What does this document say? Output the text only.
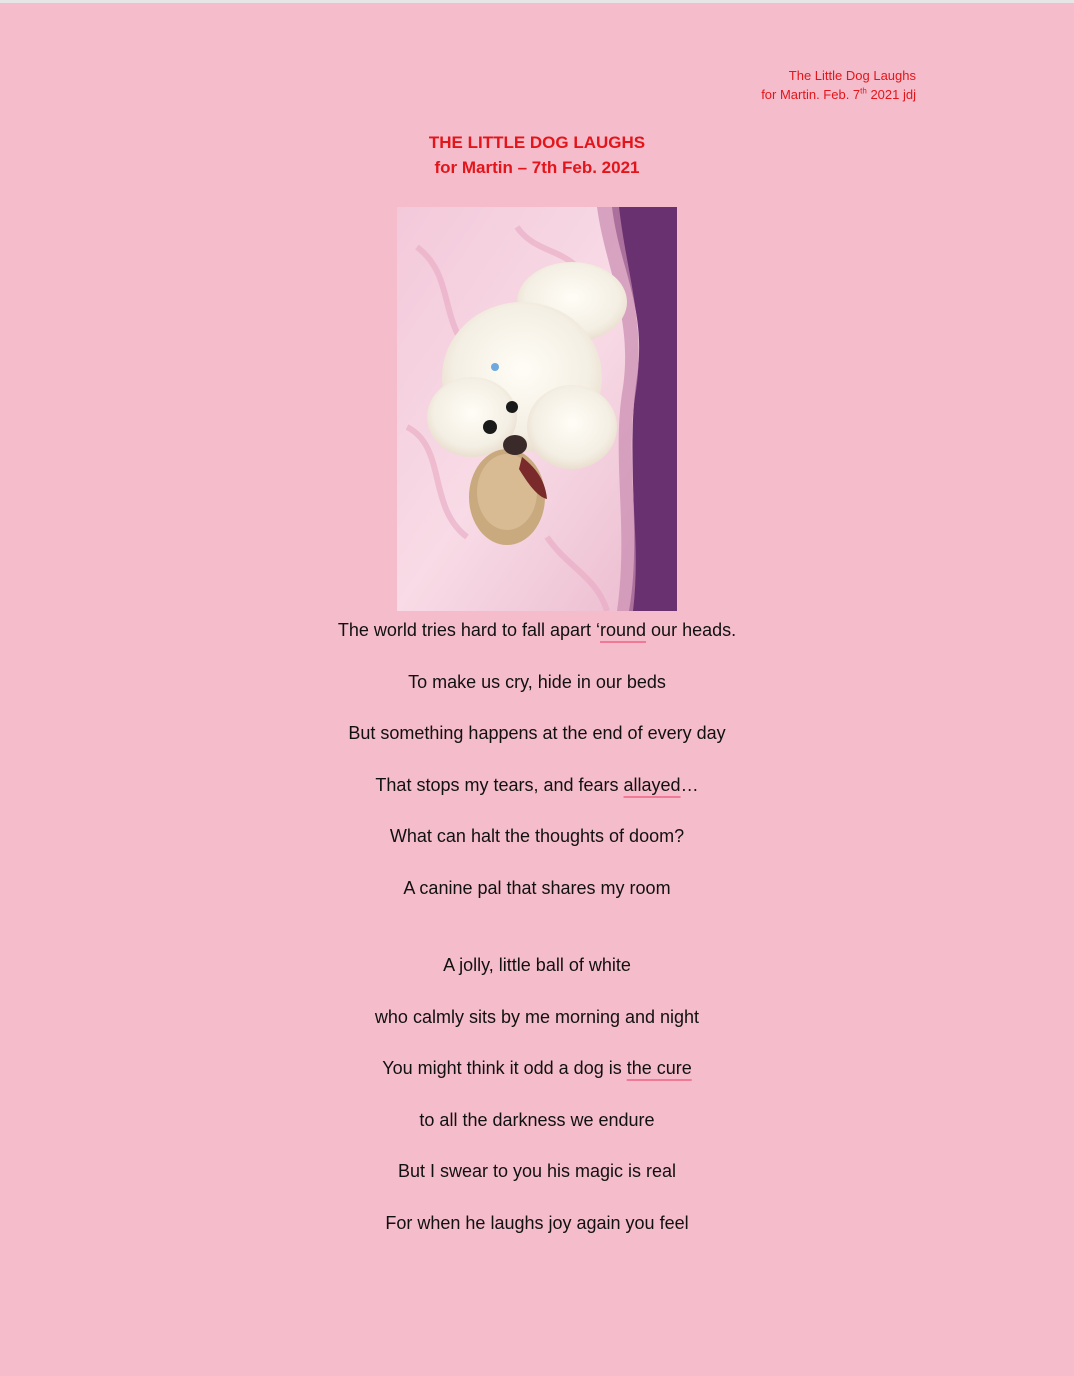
The Little Dog Laughs
for Martin. Feb. 7th 2021 jdj
THE LITTLE DOG LAUGHS
for Martin – 7th Feb. 2021
The world tries hard to fall apart ‘round our heads.
To make us cry, hide in our beds
But something happens at the end of every day
That stops my tears, and fears allayed…
What can halt the thoughts of doom?
A canine pal that shares my room
A jolly, little ball of white
who calmly sits by me morning and night
You might think it odd a dog is the cure
to all the darkness we endure
But I swear to you his magic is real
For when he laughs joy again you feel
